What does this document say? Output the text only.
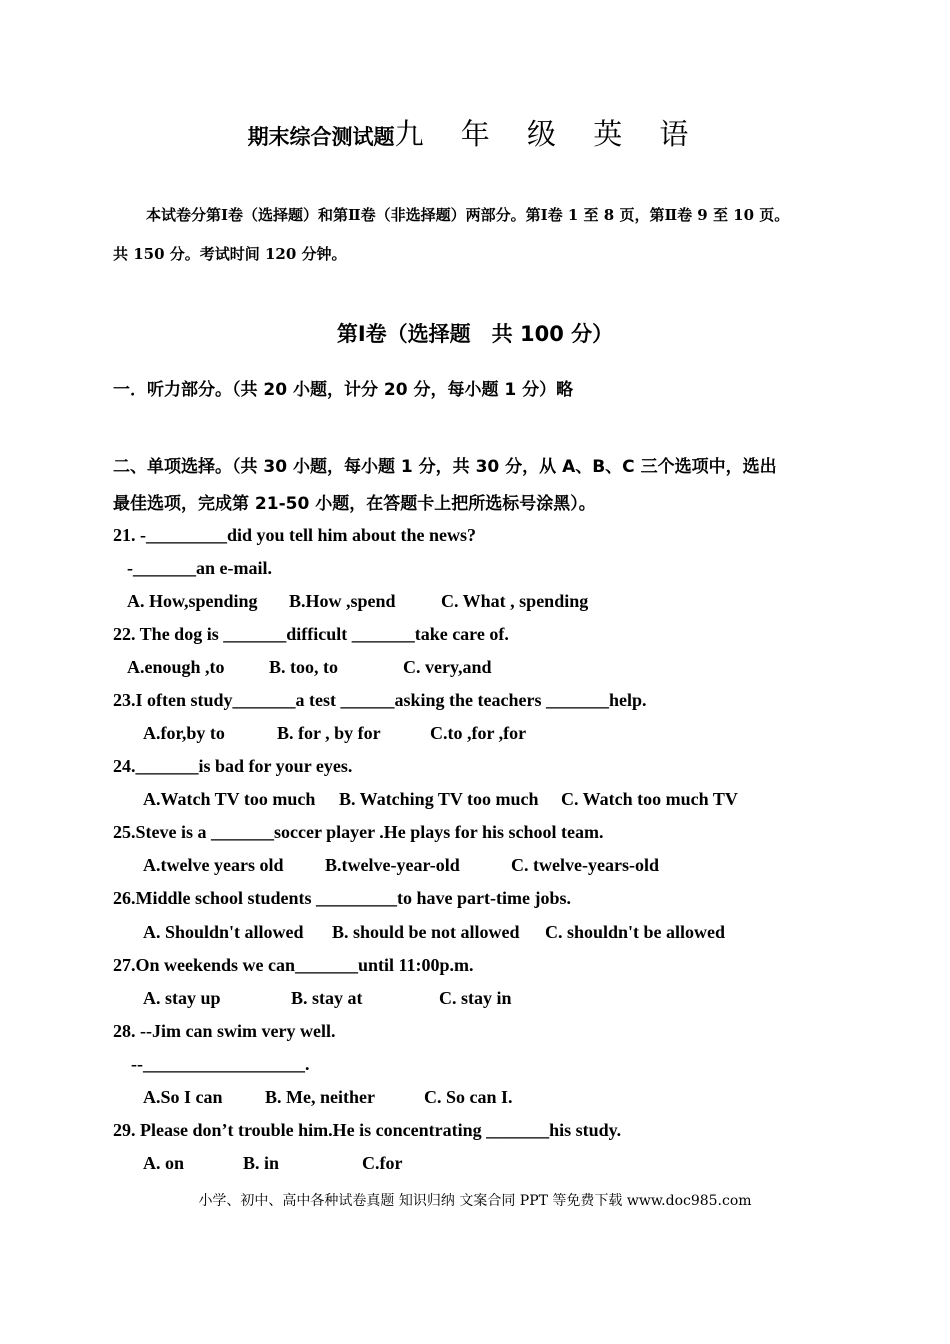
期末综合测试题九 年 级 英 语
本试卷分第Ⅰ卷（选择题）和第Ⅱ卷（非选择题）两部分。第Ⅰ卷 1 至 8 页，第Ⅱ卷 9 至 10 页。
共 150 分。考试时间 120 分钟。
第Ⅰ卷（选择题　共 100 分）
一．听力部分。（共 20 小题，计分 20 分，每小题 1 分）略
二、单项选择。（共 30 小题，每小题 1 分，共 30 分，从 A、B、C 三个选项中，选出
最佳选项，完成第 21-50 小题，在答题卡上把所选标号涂黑）。
21. -_________did you tell him about the news?
-_______an e-mail.
A. How,spending B.How ,spend	C. What , spending
22. The dog is _______difficult _______take care of.
A.enough ,to B. too, to	C. very,and
23.I often study_______a test ______asking the teachers _______help.
A.for,by to	B. for , by for	C.to ,for ,for
24._______is bad for your eyes.
A.Watch TV too much B. Watching TV too much C. Watch too much TV
25.Steve is a _______soccer player .He plays for his school team.
A.twelve years old B.twelve-year-old	C. twelve-years-old
26.Middle school students _________to have part-time jobs.
A. Shouldn't allowed B. should be not allowed C. shouldn't be allowed
27.On weekends we can_______until 11:00p.m.
A. stay up	B. stay at	C. stay in
28. --Jim can swim very well.
--__________________.
A.So I can B. Me, neither	C. So can I.
29. Please don’t trouble him.He is concentrating _______his study.
A. on	B. in	C.for
小学、初中、高中各种试卷真题 知识归纳 文案合同 PPT 等免费下载 www.doc985.com
